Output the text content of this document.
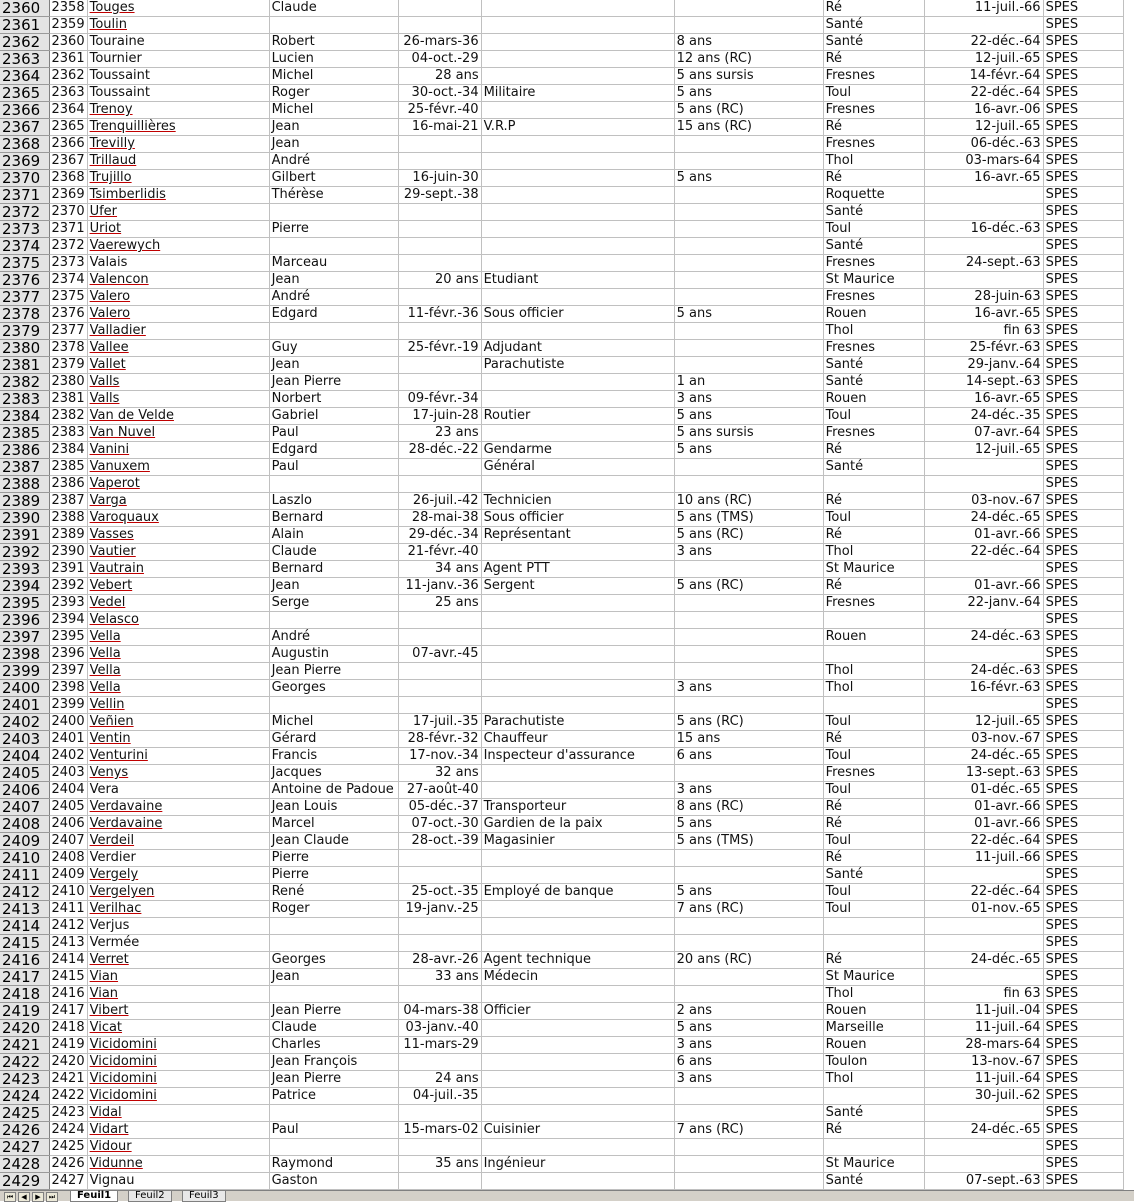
2360	2358	Touges	Claude				Ré	11-juil.-66	SPES
2361	2359	Toulin					Santé		SPES
2362	2360	Touraine	Robert	26-mars-36		8 ans	Santé	22-déc.-64	SPES
2363	2361	Tournier	Lucien	04-oct.-29		12 ans (RC)	Ré	12-juil.-65	SPES
2364	2362	Toussaint	Michel	28 ans		5 ans sursis	Fresnes	14-févr.-64	SPES
2365	2363	Toussaint	Roger	30-oct.-34	Militaire	5 ans	Toul	22-déc.-64	SPES
2366	2364	Trenoy	Michel	25-févr.-40		5 ans (RC)	Fresnes	16-avr.-06	SPES
2367	2365	Trenquillières	Jean	16-mai-21	V.R.P	15 ans (RC)	Ré	12-juil.-65	SPES
2368	2366	Trevilly	Jean				Fresnes	06-déc.-63	SPES
2369	2367	Trillaud	André				Thol	03-mars-64	SPES
2370	2368	Trujillo	Gilbert	16-juin-30		5 ans	Ré	16-avr.-65	SPES
2371	2369	Tsimberlidis	Thérèse	29-sept.-38			Roquette		SPES
2372	2370	Ufer					Santé		SPES
2373	2371	Uriot	Pierre				Toul	16-déc.-63	SPES
2374	2372	Vaerewych					Santé		SPES
2375	2373	Valais	Marceau				Fresnes	24-sept.-63	SPES
2376	2374	Valencon	Jean	20 ans	Etudiant		St Maurice		SPES
2377	2375	Valero	André				Fresnes	28-juin-63	SPES
2378	2376	Valero	Edgard	11-févr.-36	Sous officier	5 ans	Rouen	16-avr.-65	SPES
2379	2377	Valladier					Thol	fin 63	SPES
2380	2378	Vallee	Guy	25-févr.-19	Adjudant		Fresnes	25-févr.-63	SPES
2381	2379	Vallet	Jean		Parachutiste		Santé	29-janv.-64	SPES
2382	2380	Valls	Jean Pierre			1 an	Santé	14-sept.-63	SPES
2383	2381	Valls	Norbert	09-févr.-34		3 ans	Rouen	16-avr.-65	SPES
2384	2382	Van de Velde	Gabriel	17-juin-28	Routier	5 ans	Toul	24-déc.-35	SPES
2385	2383	Van Nuvel	Paul	23 ans		5 ans sursis	Fresnes	07-avr.-64	SPES
2386	2384	Vanini	Edgard	28-déc.-22	Gendarme	5 ans	Ré	12-juil.-65	SPES
2387	2385	Vanuxem	Paul		Général		Santé		SPES
2388	2386	Vaperot							SPES
2389	2387	Varga	Laszlo	26-juil.-42	Technicien	10 ans (RC)	Ré	03-nov.-67	SPES
2390	2388	Varoquaux	Bernard	28-mai-38	Sous officier	5 ans (TMS)	Toul	24-déc.-65	SPES
2391	2389	Vasses	Alain	29-déc.-34	Représentant	5 ans (RC)	Ré	01-avr.-66	SPES
2392	2390	Vautier	Claude	21-févr.-40		3 ans	Thol	22-déc.-64	SPES
2393	2391	Vautrain	Bernard	34 ans	Agent PTT		St Maurice		SPES
2394	2392	Vebert	Jean	11-janv.-36	Sergent	5 ans (RC)	Ré	01-avr.-66	SPES
2395	2393	Vedel	Serge	25 ans			Fresnes	22-janv.-64	SPES
2396	2394	Velasco							SPES
2397	2395	Vella	André				Rouen	24-déc.-63	SPES
2398	2396	Vella	Augustin	07-avr.-45					SPES
2399	2397	Vella	Jean Pierre				Thol	24-déc.-63	SPES
2400	2398	Vella	Georges			3 ans	Thol	16-févr.-63	SPES
2401	2399	Vellin							SPES
2402	2400	Veñien	Michel	17-juil.-35	Parachutiste	5 ans (RC)	Toul	12-juil.-65	SPES
2403	2401	Ventin	Gérard	28-févr.-32	Chauffeur	15 ans	Ré	03-nov.-67	SPES
2404	2402	Venturini	Francis	17-nov.-34	Inspecteur d'assurance	6 ans	Toul	24-déc.-65	SPES
2405	2403	Venys	Jacques	32 ans			Fresnes	13-sept.-63	SPES
2406	2404	Vera	Antoine de Padoue	27-août-40		3 ans	Toul	01-déc.-65	SPES
2407	2405	Verdavaine	Jean Louis	05-déc.-37	Transporteur	8 ans (RC)	Ré	01-avr.-66	SPES
2408	2406	Verdavaine	Marcel	07-oct.-30	Gardien de la paix	5 ans	Ré	01-avr.-66	SPES
2409	2407	Verdeil	Jean Claude	28-oct.-39	Magasinier	5 ans (TMS)	Toul	22-déc.-64	SPES
2410	2408	Verdier	Pierre				Ré	11-juil.-66	SPES
2411	2409	Vergely	Pierre				Santé		SPES
2412	2410	Vergelyen	René	25-oct.-35	Employé de banque	5 ans	Toul	22-déc.-64	SPES
2413	2411	Verilhac	Roger	19-janv.-25		7 ans (RC)	Toul	01-nov.-65	SPES
2414	2412	Verjus							SPES
2415	2413	Vermée							SPES
2416	2414	Verret	Georges	28-avr.-26	Agent technique	20 ans (RC)	Ré	24-déc.-65	SPES
2417	2415	Vian	Jean	33 ans	Médecin		St Maurice		SPES
2418	2416	Vian					Thol	fin 63	SPES
2419	2417	Vibert	Jean Pierre	04-mars-38	Officier	2 ans	Rouen	11-juil.-04	SPES
2420	2418	Vicat	Claude	03-janv.-40		5 ans	Marseille	11-juil.-64	SPES
2421	2419	Vicidomini	Charles	11-mars-29		3 ans	Rouen	28-mars-64	SPES
2422	2420	Vicidomini	Jean François			6 ans	Toulon	13-nov.-67	SPES
2423	2421	Vicidomini	Jean Pierre	24 ans		3 ans	Thol	11-juil.-64	SPES
2424	2422	Vicidomini	Patrice	04-juil.-35				30-juil.-62	SPES
2425	2423	Vidal					Santé		SPES
2426	2424	Vidart	Paul	15-mars-02	Cuisinier	7 ans (RC)	Ré	24-déc.-65	SPES
2427	2425	Vidour							SPES
2428	2426	Vidunne	Raymond	35 ans	Ingénieur		St Maurice		SPES
2429	2427	Vignau	Gaston				Santé	07-sept.-63	SPES
⏮	◀	▶	⏭	Feuil1	Feuil2	Feuil3
